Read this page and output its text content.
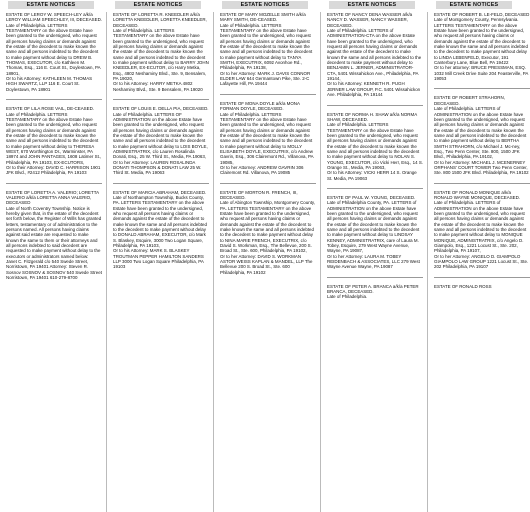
ESTATE NOTICES	ESTATE NOTICES	ESTATE NOTICES	ESTATE NOTICES	ESTATE NOTICES

ESTATE OF LEROY W. SPEECH-LEY a/k/a LEROY WILLIAM SPEECHLEY, III, DECEASED.

Late of Philadelphia. LETTERS TESTAMENTARY on the above Estate have been granted to the undersigned, who request all persons having claims or demands against the estate of the decedent to make known the same and all persons indebted to the decedent to make payment without delay to DREW B. THOMAS, EXECUTOR, c/o Kathleen M. Thomas, Esq., 116 E. Court St., Doylestown, PA 18901,

Or to his Attorney: KATHLEEN M. THOMAS HIGH SWARTZ, LLP 116 E. Court St. Doylestown, PA 18901

ESTATE OF LILA ROSE VAIL, DE-CEASED.

Late of Philadelphia. LETTERS TESTAMENTARY on the above Estate have been granted to the undersigned, who request all persons having claims or demands against the estate of the decedent to make known the same and all persons indebted to the decedent to make payment without delay to THERESA WEST, 670 Worthington Dr., Warminster, PA 18974 and JOHN PANTAGES, 1608 Latimer St., Philadelphia, PA 19103, EX-ECUTORS,

Or to their Attorney: DAVID C. HARRISON 1901 JFK Blvd., #2412 Philadelphia, PA 19103

ESTATE OF LORETTA A. VALERIO; LORETTA VALERIO a/k/a LORETTA ANNA VALERIO, DECEASED

Late of North Coventry Township. Notice is hereby given that, in the estate of the decedent set forth below, the Register of Wills has granted letters, testamentary or of administration to the persons named. All persons having claims against said estate are requested to make known the same to them or their attorneys and all persons indebted to said decedent are requested to make payment without delay to the executors or administrators named below:

Janet C. Fitzgerald c/o 540 Swede Street, Norristown, PA 19401 Attorney: Steven R. Sosnov SOSNOV & SOSNOV 540 Swede Street Norristown, PA 19401 610-279-8700

ESTATE OF LORETTA R. KNEEDLER a/k/a LORETTA KNEEDLER, LORETTA KNEEDLER, DECEASED.

Late of Philadelphia. LETTERS TESTAMENTARY on the above Estate have been granted to the undersigned, who request all persons having claims or demands against the estate of the decedent to make known the same and all persons indebted to the decedent to make payment without delay to BARRY JOHN KNEEDLER, EX-ECUTOR, c/o Harry Metka, Esq., 4802 Neshaminy Blvd., Ste. 9, Bensalem, PA 19020,

Or to his Attorney: HARRY METKA 4802 Neshaminy Blvd., Ste. 9 Bensalem, PA 19020

ESTATE OF LOUIS E. DELLA PIA, DECEASED.

Late of Philadelphia. LETTERS OF ADMINISTRATION on the above Estate have been granted to the undersigned, who request all persons having claims or demands against the estate of the decedent to make known the same and all persons indebted to the decedent to make payment without delay to LOIS BOYLE, ADMINISTRATRIX, c/o Lauren Rosalinda Donati, Esq., 25 W. Third St., Media, PA 19063,

Or to her Attorney: LAUREN ROSALINDA DONATI THOMPSON & DONATI LAW 25 W. Third St. Media, PA 19063

ESTATE OF MARCIA ABRAHAM, DECEASED.

Late of Northampton Township, Bucks County, PA. LETTERS TESTAMENTARY on the above Estate have been granted to the undersigned, who request all persons having claims or demands against the estate of the decedent to make known the same and all persons indebted to the decedent to make payment without delay to DONALD ABRAHAM, EXECUTOR, c/o Mark S. Blaskey, Esquire, 3000 Two Logan Square, Philadelphia, PA 19103,

Or to his Attorney: MARK S. BLASKEY TROUTMAN PEPPER HAMILTON SANDERS LLP 3000 Two Logan Square Philadelphia, PA 19103

ESTATE OF MARY MOZELLE SMITH a/k/a MARY SMITH, DE-CEASED.

Late of Philadelphia. LETTERS TESTAMENTARY on the above Estate have been granted to the undersigned, who request all persons having claims or demands against the estate of the decedent to make known the same and all persons indebted to the decedent to make payment without delay to TANYA SMITH, EXECUTRIX, 6092 Avonhoe Rd., Philadelphia, PA 19138,

Or to her Attorney: MARK J. DAVIS CONNOR ELDER LAW 644 Germantown Pike, Ste. 2-C Lafayette Hill, PA 19444

ESTATE OF MONA DOYLE a/k/a MONA FORMAN DOYLE, DECEASED.

Late of Philadelphia. LETTERS TESTAMENTARY on the above Estate have been granted to the undersigned, who request all persons having claims or demands against the estate of the decedent to make known the same and all persons indebted to the decedent to make payment without delay to MOLLY ELISABETH DOYLE, EXECUTRIX, c/o Andrew Gavrin, Esq., 306 Clairemont Rd., Villanova, PA 19085,

Or to her Attorney: ANDREW GAVRIN 306 Clairemont Rd. Villanova, PA 19085

ESTATE OF MORTON R. FRENCH, III, DECEASED.

Late of Abington Township, Montgomery County, PA. LETTERS TESTAMENTARY on the above Estate have been granted to the undersigned, who request all persons having claims or demands against the estate of the decedent to make known the same and all persons indebted to the decedent to make payment without delay to NINA MARIE FRENCH, EXECUTRIX, c/o David S. Workman, Esq., The Bellevue, 200 S. Broad St., Ste. 600, Philadelphia, PA 19102,

Or to her Attorney: DAVID S. WORKMAN ASTOR WEISS KAPLAN & MANDEL, LLP The Bellevue 200 S. Broad St., Ste. 600 Philadelphia, PA 19102

ESTATE OF NANCY DENA WASSER a/k/a NANCY D. WASSER, NANCY WASSER, DECEASED.

Late of Philadelphia. LETTERS of ADMINISTRATION-CTA on the above Estate have been granted to the undersigned, who request all persons having claims or demands against the estate of the decedent to make known the same and all persons indebted to the decedent to make payment without delay to BENJAMIN L. JERNER, ADMINISTRATOR-CTA, 5401 Wissahickon Ave., Philadelphia, PA 19144,

Or to his Attorney: KENNETH R. PUGH JERNER LAW GROUP, P.C. 5401 Wissahickon Ave. Philadelphia, PA 19144

ESTATE OF NORMA H. SHAW a/k/a NORMA SHAW, DECEASED.

Late of Philadelphia. LETTERS TESTAMENTARY on the above Estate have been granted to the undersigned, who request all persons having claims or demands against the estate of the decedent to make known the same and all persons indebted to the decedent to make payment without delay to NOLAN S. YOUNG, EXECUTOR, c/o Vicki Herr, Esq., 14 S. Orange St., Media, PA 19063,

Or to his Attorney: VICKI HERR 14 S. Orange St. Media, PA 19063

ESTATE OF PAUL W. YOUNG, DECEASED.

Late of Philadelphia County, PA. LETTERS of ADMINISTRATION on the above Estate have been granted to the undersigned, who request all persons having claims or demands against the estate of the decedent to make known the same and all persons indebted to the decedent to make payment without delay to LINDSAY KENNEY, ADMINISTRATRIX, care of Laura M. Tobey, Esquire, 279 West Wayne Avenue, Wayne, PA 19087,

Or to her Attorney: LAURA M. TOBEY REIDENBACH & ASSOCIATES, LLC 279 West Wayne Avenue Wayne, PA 19087

ESTATE OF PETER A. BRANCA a/k/a PETER BRANCA, DECEASED.

Late of Philadelphia.

ESTATE OF ROBERT B. LE-FELD, DECEASED

Late of Montgomery County, Pennsylvania. LETTERS TESTAMENTARY on the above Estate have been granted to the undersigned, who request all persons having claims or demands against the estate of the decedent to make known the same and all persons indebted to the decedent to make payment without delay to LINDA LEBENFELD, Executor, 191 Canterbury Lane, Blue Bell, PA 19422

Or to her attorney: BRUCE PRESSMAN, ESQ. 1032 Mill Creek Drive Suite 204 Feasterville, PA 19053

ESTATE OF ROBERT STRAHORN, DECEASED.

Late of Philadelphia. LETTERS of ADMINISTRATION on the above Estate have been granted to the undersigned, who request all persons having claims or demands against the estate of the decedent to make known the same and all persons indebted to the decedent to make payment without delay to BERTHA SMITH STRAHORN, c/o Michael J. Mc-ney, Esq., Two Penn Center, Ste. 800, 1500 JFK Blvd., Philadelphia, PA 19102,

Or to her Attorney: MICHAEL J. MCENERNEY ORPHANS' COURT TOWER Two Penn Center, Ste. 800 1500 JFK Blvd. Philadelphia, PA 19102

ESTATE OF RONALD MONIQUE a/k/a RONALD WAYNE MONIQUE, DECEASED.

Late of Philadelphia. LETTERS of ADMINISTRATION on the above Estate have been granted to the undersigned, who request all persons having claims or demands against the estate of the decedent to make known the same and all persons indebted to the decedent to make payment without delay to MONIQUE MONIQUE, ADMINISTRATRIX, c/o Angelo D. Giampolo, Esq., 1221 Locust St., Ste. 202, Philadelphia, PA 19107,

Or to her Attorney: ANGELO D. GIAMPOLO GIAMPOLO LAW GROUP 1221 Locust St., Ste. 202 Philadelphia, PA 19107

ESTATE OF RONALD ROSS
